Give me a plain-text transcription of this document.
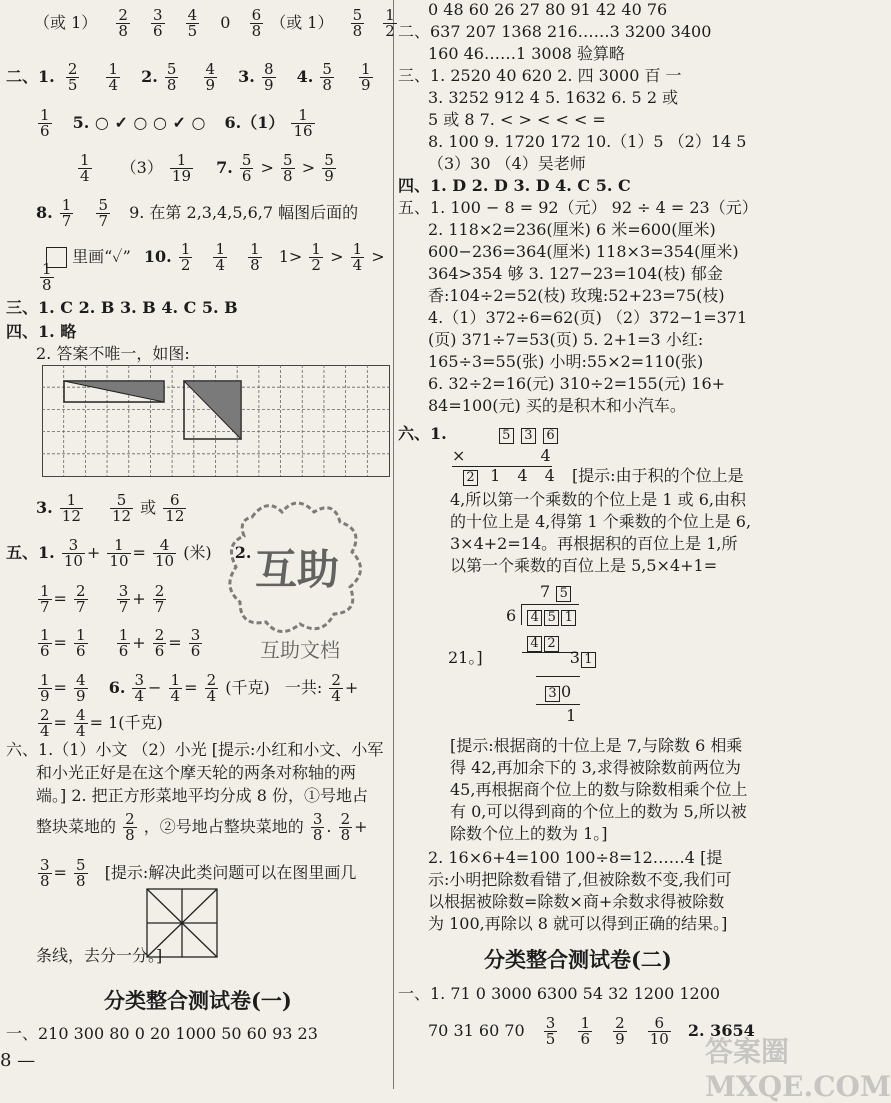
（或 $1) \frac{2}{8}$
$\frac{3}{6}$
$\frac{4}{5} 0 \frac{6}{8}$ （或 $1) \frac{5}{8}$
$\frac{1}{2}$
二、1. $\frac{2}{5}$
$\frac{1}{4} 2$. $\frac{5}{8}$
$\frac{4}{9} 3$. $\frac{8}{9} 4$. $\frac{5}{8}$
$\frac{1}{9}$
$\frac{1}{6} 5$. ○ ✓ ○ ○ ✓ ○ $6.(1) \frac{1}{16}$
$\frac{1}{4} (3) \frac{1}{19} 7$. $\frac{5}{6} > \frac{5}{8} > \frac{5}{9}$
8. $\frac{1}{7}$
$\frac{5}{7} 9$. 在第 2,3,4,5,6,7 幅图后面的
里画“✓” 10. $\frac{1}{2}$
$\frac{1}{4}$
$\frac{1}{8} 1> \frac{1}{2} > \frac{1}{4}$ >
$\frac{1}{8}$
三、1. C 2. B 3. B 4. C 5. B
四、1. 略
2. 答案不唯一，如图:
3. $\frac{1}{12}$
$\frac{5}{12}$ 或 $\frac{6}{12}$
五、1. $\frac{3}{10} + \frac{1}{10} = \frac{4}{10}$ (米) 2.
$\frac{1}{7} = \frac{2}{7}$
$\frac{3}{7} + \frac{2}{7}$
$\frac{1}{6} = \frac{1}{6}$
$\frac{1}{6} + \frac{2}{6} = \frac{3}{6}$
$\frac{1}{9} = \frac{4}{9} 6$. $\frac{3}{4} - \frac{1}{4} = \frac{2}{4}$ (千克) 一共: $\frac{2}{4}$ +
$\frac{2}{4} = \frac{4}{4} = 1$(千克)
六、1.（1）小文 （2）小光 [提示:小红和小文、小军
和小光正好是在这个摩天轮的两条对称轴的两
端。] 2. 把正方形菜地平均分成 8 份，①号地占
整块菜地的 $\frac{2}{8}$ ，②号地占整块菜地的 $\frac{3}{8}$ . $\frac{2}{8}$ +
$\frac{3}{8} = \frac{5}{8}$ [提示:解决此类问题可以在图里画几
条线，去分一分。]
分类整合测试卷(一)
一、210 300 80 0 20 1000 50 60 93 23
互助
互助文档
0 48 60 26 27 80 91 42 40 76
二、637 207 1368 216……3 3200 3400
160 46……1 3008 验算略
三、1. 2520 40 620 2. 四 3000 百 一
3. 3252 912 4 5. 1632 6. 5 2 或
5 或 8 7. < > < < < =
8. 100 9. 1720 172 10.（1）5 （2）14 5
（3）30 （4）吴老师
四、1. D 2. D 3. D 4. C 5. C
五、1. 100 − 8 = 92（元） 92 ÷ 4 = 23（元）
2. 118×2=236(厘米) 6 米=600(厘米)
600−236=364(厘米) 118×3=354(厘米)
364>354 够 3. 127−23=104(枝) 郁金
香:104÷2=52(枝) 玫瑰:52+23=75(枝)
4.（1）372÷6=62(页) （2）372−1=371
(页) 371÷7=53(页) 5. 2+1=3 小红:
165÷3=55(张) 小明:55×2=110(张)
6. 32÷2=16(元) 310÷2=155(元) 16+
84=100(元) 买的是积木和小汽车。
六、1.	5 3 6
×	4
2 1 4 4 [提示:由于积的个位上是
4,所以第一个乘数的个位上是 1 或 6,由积
的十位上是 4,得第 1 个乘数的个位上是 6,
3×4+2=14。再根据积的百位上是 1,所
以第一个乘数的百位上是 5,5×4+1=
7 5
6 4 5 1
4 2
21。]	3 1
3 0
1
[提示:根据商的十位上是 7,与除数 6 相乘
得 42,再加余下的 3,求得被除数前两位为
45,再根据商个位上的数与除数相乘个位上
有 0,可以得到商的个位上的数为 5,所以被
除数个位上的数为 1。]
2. 16×6+4=100 100÷8=12……4 [提
示:小明把除数看错了,但被除数不变,我们可
以根据被除数=除数×商+余数求得被除数
为 100,再除以 8 就可以得到正确的结果。]
分类整合测试卷(二)
一、1. 71 0 3000 6300 54 32 1200 1200
70 31 60 $70 \frac{3}{5}$
$\frac{1}{6}$
$\frac{2}{9}$
$\frac{6}{10} 2$. 3654
8 —	答案圈 MXQE.COM
